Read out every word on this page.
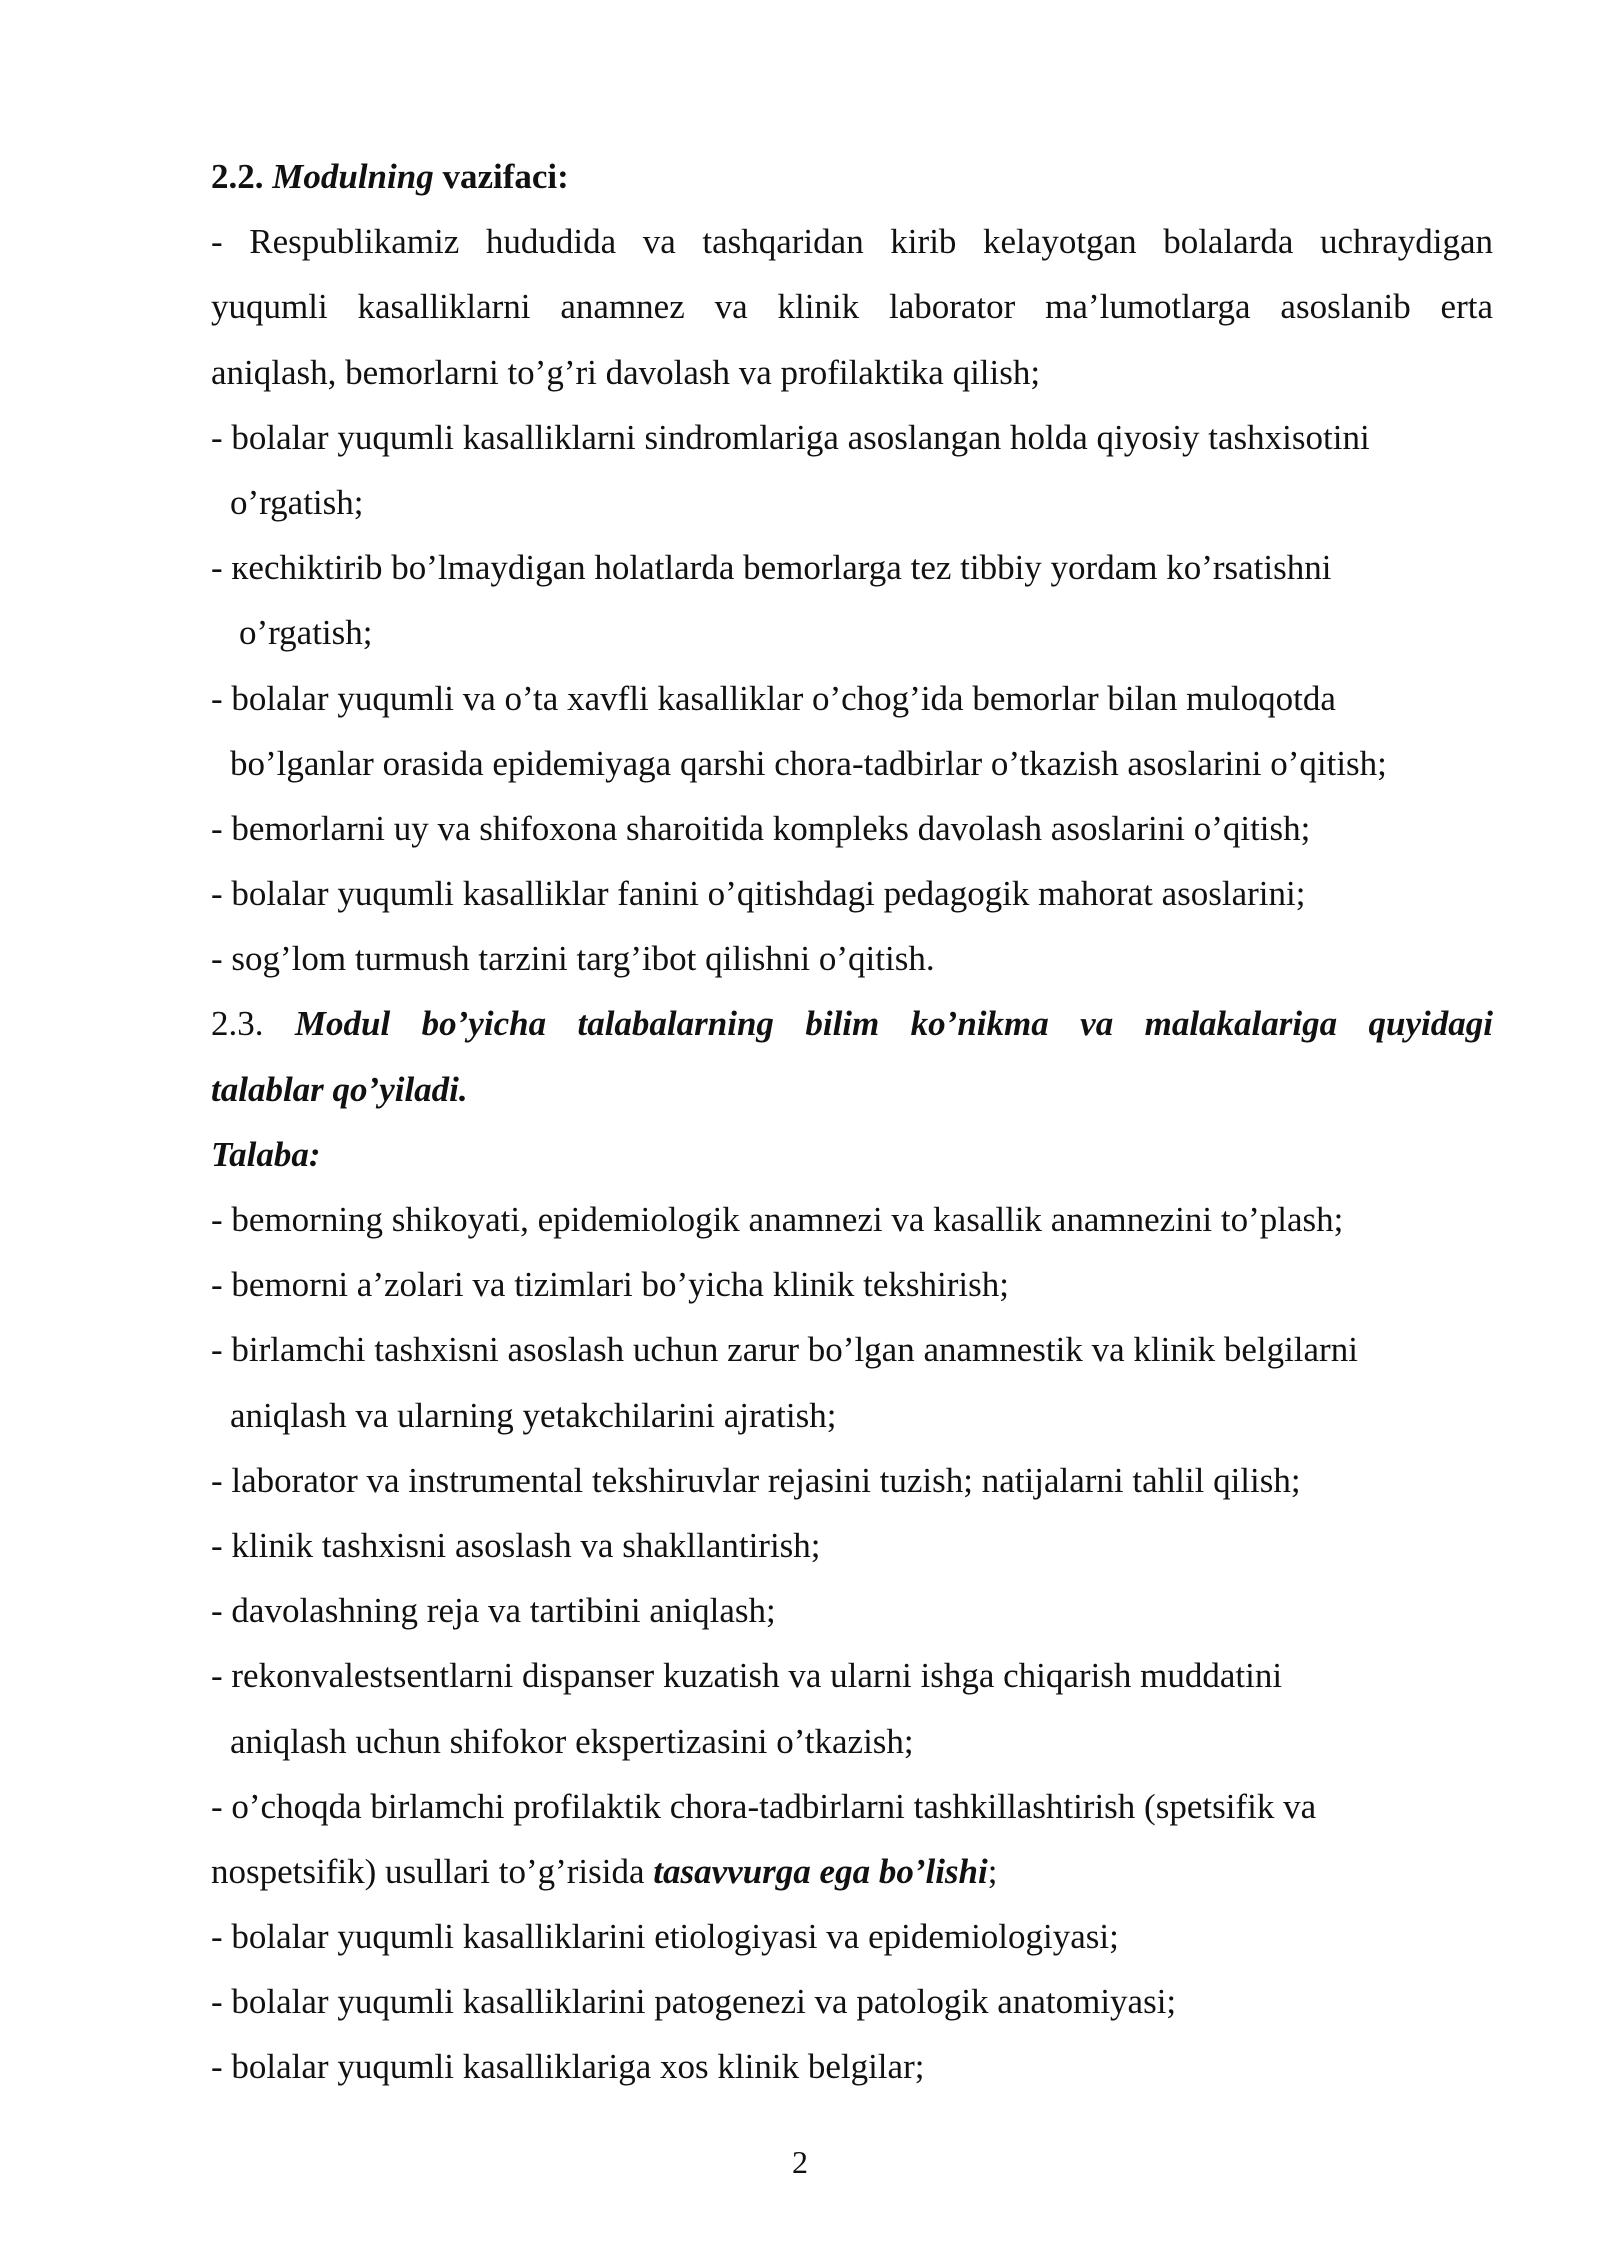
2.2. Modulning vazifaci:
- Respublikamiz hududida va tashqaridan kirib kelayotgan bolalarda uchraydigan
yuqumli kasalliklarni anamnez va klinik laborator ma’lumotlarga asoslanib erta
aniqlash, bemorlarni to’g’ri davolash va profilaktika qilish;
- bolalar yuqumli kasalliklarni sindromlariga asoslangan holda qiyosiy tashxisotini
o’rgatish;
- кechiktirib bo’lmaydigan holatlarda bemorlarga tez tibbiy yordam ko’rsatishni
o’rgatish;
- bolalar yuqumli va o’ta xavfli kasalliklar o’chog’ida bemorlar bilan muloqotda
bo’lganlar orasida epidemiyaga qarshi chora-tadbirlar o’tkazish asoslarini o’qitish;
- bemorlarni uy va shifoxona sharoitida kompleks davolash asoslarini o’qitish;
- bolalar yuqumli kasalliklar fanini o’qitishdagi pedagogik mahorat asoslarini;
- sog’lom turmush tarzini targ’ibot qilishni o’qitish.
2.3. Modul bo’yicha talabalarning bilim ko’nikma va malakalariga quyidagi
talablar qo’yiladi.
Talaba:
- bemorning shikoyati, epidemiologik anamnezi va kasallik anamnezini to’plash;
- bemorni a’zolari va tizimlari bo’yicha klinik tekshirish;
- birlamchi tashxisni asoslash uchun zarur bo’lgan anamnestik va klinik belgilarni
aniqlash va ularning yetakchilarini ajratish;
- laborator va instrumental tekshiruvlar rejasini tuzish; natijalarni tahlil qilish;
- klinik tashxisni asoslash va shakllantirish;
- davolashning reja va tartibini aniqlash;
- rekonvalestsentlarni dispanser kuzatish va ularni ishga chiqarish muddatini
aniqlash uchun shifokor ekspertizasini o’tkazish;
- o’choqda birlamchi profilaktik chora-tadbirlarni tashkillashtirish (spetsifik va
nospetsifik) usullari to’g’risida tasavvurga ega bo’lishi;
- bolalar yuqumli kasalliklarini etiologiyasi va epidemiologiyasi;
- bolalar yuqumli kasalliklarini patogenezi va patologik anatomiyasi;
- bolalar yuqumli kasalliklariga xos klinik belgilar;
2
